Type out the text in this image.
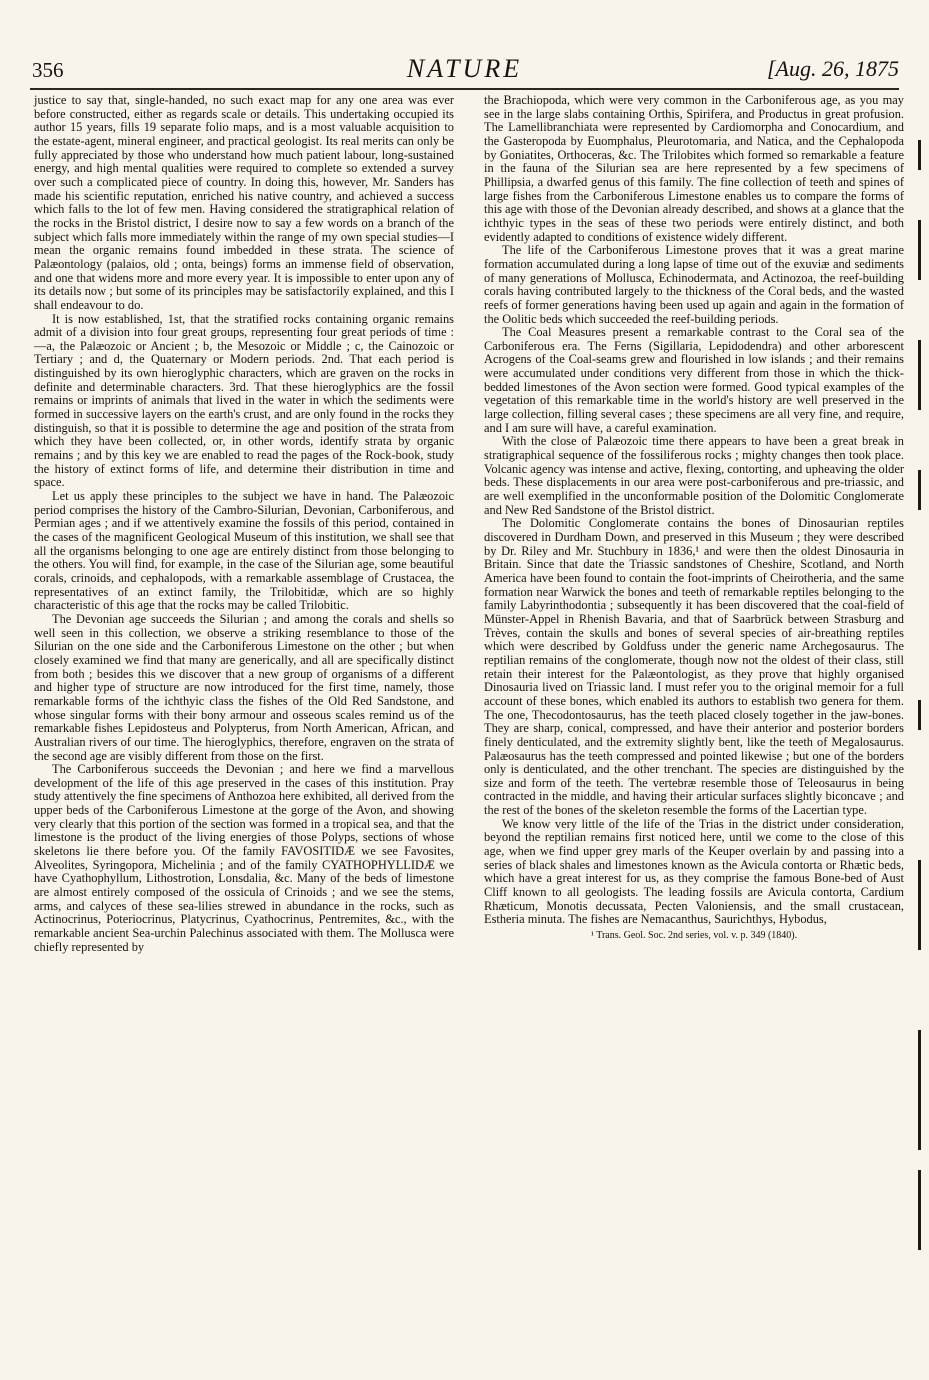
356	NATURE	[Aug. 26, 1875

justice to say that, single-handed, no such exact map for any one area was ever before constructed, either as regards scale or details. This undertaking occupied its author 15 years, fills 19 separate folio maps, and is a most valuable acquisition to the estate-agent, mineral engineer, and practical geologist. Its real merits can only be fully appreciated by those who understand how much patient labour, long-sustained energy, and high mental qualities were required to complete so extended a survey over such a complicated piece of country. In doing this, however, Mr. Sanders has made his scientific reputation, enriched his native country, and achieved a success which falls to the lot of few men. Having considered the stratigraphical relation of the rocks in the Bristol district, I desire now to say a few words on a branch of the subject which falls more immediately within the range of my own special studies—I mean the organic remains found imbedded in these strata. The science of Palæontology (palaios, old ; onta, beings) forms an immense field of observation, and one that widens more and more every year. It is impossible to enter upon any of its details now ; but some of its principles may be satisfactorily explained, and this I shall endeavour to do.

It is now established, 1st, that the stratified rocks containing organic remains admit of a division into four great groups, representing four great periods of time :—a, the Palæozoic or Ancient ; b, the Mesozoic or Middle ; c, the Cainozoic or Tertiary ; and d, the Quaternary or Modern periods. 2nd. That each period is distinguished by its own hieroglyphic characters, which are graven on the rocks in definite and determinable characters. 3rd. That these hieroglyphics are the fossil remains or imprints of animals that lived in the water in which the sediments were formed in successive layers on the earth's crust, and are only found in the rocks they distinguish, so that it is possible to determine the age and position of the strata from which they have been collected, or, in other words, identify strata by organic remains ; and by this key we are enabled to read the pages of the Rock-book, study the history of extinct forms of life, and determine their distribution in time and space.

Let us apply these principles to the subject we have in hand. The Palæozoic period comprises the history of the Cambro-Silurian, Devonian, Carboniferous, and Permian ages ; and if we attentively examine the fossils of this period, contained in the cases of the magnificent Geological Museum of this institution, we shall see that all the organisms belonging to one age are entirely distinct from those belonging to the others. You will find, for example, in the case of the Silurian age, some beautiful corals, crinoids, and cephalopods, with a remarkable assemblage of Crustacea, the representatives of an extinct family, the Trilobitidæ, which are so highly characteristic of this age that the rocks may be called Trilobitic.

The Devonian age succeeds the Silurian ; and among the corals and shells so well seen in this collection, we observe a striking resemblance to those of the Silurian on the one side and the Carboniferous Limestone on the other ; but when closely examined we find that many are generically, and all are specifically distinct from both ; besides this we discover that a new group of organisms of a different and higher type of structure are now introduced for the first time, namely, those remarkable forms of the ichthyic class the fishes of the Old Red Sandstone, and whose singular forms with their bony armour and osseous scales remind us of the remarkable fishes Lepidosteus and Polypterus, from North American, African, and Australian rivers of our time. The hieroglyphics, therefore, engraven on the strata of the second age are visibly different from those on the first.

The Carboniferous succeeds the Devonian ; and here we find a marvellous development of the life of this age preserved in the cases of this institution. Pray study attentively the fine specimens of Anthozoa here exhibited, all derived from the upper beds of the Carboniferous Limestone at the gorge of the Avon, and showing very clearly that this portion of the section was formed in a tropical sea, and that the limestone is the product of the living energies of those Polyps, sections of whose skeletons lie there before you. Of the family FAVOSITIDÆ we see Favosites, Alveolites, Syringopora, Michelinia ; and of the family CYATHOPHYLLIDÆ we have Cyathophyllum, Lithostrotion, Lonsdalia, &c. Many of the beds of limestone are almost entirely composed of the ossicula of Crinoids ; and we see the stems, arms, and calyces of these sea-lilies strewed in abundance in the rocks, such as Actinocrinus, Poteriocrinus, Platycrinus, Cyathocrinus, Pentremites, &c., with the remarkable ancient Sea-urchin Palechinus associated with them. The Mollusca were chiefly represented by

the Brachiopoda, which were very common in the Carboniferous age, as you may see in the large slabs containing Orthis, Spirifera, and Productus in great profusion. The Lamellibranchiata were represented by Cardiomorpha and Conocardium, and the Gasteropoda by Euomphalus, Pleurotomaria, and Natica, and the Cephalopoda by Goniatites, Orthoceras, &c. The Trilobites which formed so remarkable a feature in the fauna of the Silurian sea are here represented by a few specimens of Phillipsia, a dwarfed genus of this family. The fine collection of teeth and spines of large fishes from the Carboniferous Limestone enables us to compare the forms of this age with those of the Devonian already described, and shows at a glance that the ichthyic types in the seas of these two periods were entirely distinct, and both evidently adapted to conditions of existence widely different.

The life of the Carboniferous Limestone proves that it was a great marine formation accumulated during a long lapse of time out of the exuviæ and sediments of many generations of Mollusca, Echinodermata, and Actinozoa, the reef-building corals having contributed largely to the thickness of the Coral beds, and the wasted reefs of former generations having been used up again and again in the formation of the Oolitic beds which succeeded the reef-building periods.

The Coal Measures present a remarkable contrast to the Coral sea of the Carboniferous era. The Ferns (Sigillaria, Lepidodendra) and other arborescent Acrogens of the Coal-seams grew and flourished in low islands ; and their remains were accumulated under conditions very different from those in which the thick-bedded limestones of the Avon section were formed. Good typical examples of the vegetation of this remarkable time in the world's history are well preserved in the large collection, filling several cases ; these specimens are all very fine, and require, and I am sure will have, a careful examination.

With the close of Palæozoic time there appears to have been a great break in stratigraphical sequence of the fossiliferous rocks ; mighty changes then took place. Volcanic agency was intense and active, flexing, contorting, and upheaving the older beds. These displacements in our area were post-carboniferous and pre-triassic, and are well exemplified in the unconformable position of the Dolomitic Conglomerate and New Red Sandstone of the Bristol district.

The Dolomitic Conglomerate contains the bones of Dinosaurian reptiles discovered in Durdham Down, and preserved in this Museum ; they were described by Dr. Riley and Mr. Stuchbury in 1836,¹ and were then the oldest Dinosauria in Britain. Since that date the Triassic sandstones of Cheshire, Scotland, and North America have been found to contain the foot-imprints of Cheirotheria, and the same formation near Warwick the bones and teeth of remarkable reptiles belonging to the family Labyrinthodontia ; subsequently it has been discovered that the coal-field of Münster-Appel in Rhenish Bavaria, and that of Saarbrück between Strasburg and Trèves, contain the skulls and bones of several species of air-breathing reptiles which were described by Goldfuss under the generic name Archegosaurus. The reptilian remains of the conglomerate, though now not the oldest of their class, still retain their interest for the Palæontologist, as they prove that highly organised Dinosauria lived on Triassic land. I must refer you to the original memoir for a full account of these bones, which enabled its authors to establish two genera for them. The one, Thecodontosaurus, has the teeth placed closely together in the jaw-bones. They are sharp, conical, compressed, and have their anterior and posterior borders finely denticulated, and the extremity slightly bent, like the teeth of Megalosaurus. Palæosaurus has the teeth compressed and pointed likewise ; but one of the borders only is denticulated, and the other trenchant. The species are distinguished by the size and form of the teeth. The vertebræ resemble those of Teleosaurus in being contracted in the middle, and having their articular surfaces slightly biconcave ; and the rest of the bones of the skeleton resemble the forms of the Lacertian type.

We know very little of the life of the Trias in the district under consideration, beyond the reptilian remains first noticed here, until we come to the close of this age, when we find upper grey marls of the Keuper overlain by and passing into a series of black shales and limestones known as the Avicula contorta or Rhætic beds, which have a great interest for us, as they comprise the famous Bone-bed of Aust Cliff known to all geologists. The leading fossils are Avicula contorta, Cardium Rhæticum, Monotis decussata, Pecten Valoniensis, and the small crustacean, Estheria minuta. The fishes are Nemacanthus, Saurichthys, Hybodus,

¹ Trans. Geol. Soc. 2nd series, vol. v. p. 349 (1840).
